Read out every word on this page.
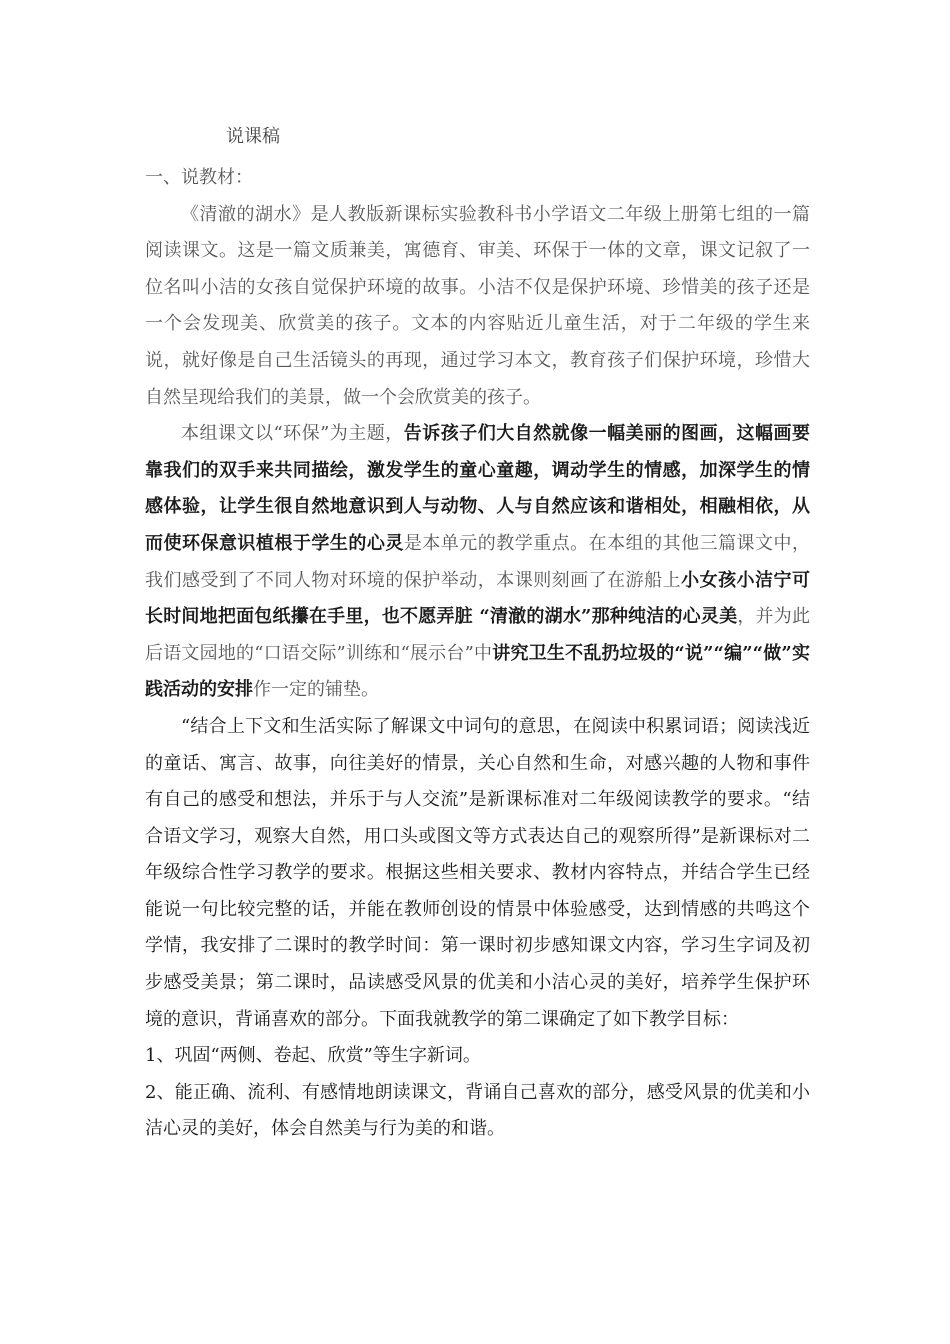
说课稿

一、说教材：

《清澈的湖水》是人教版新课标实验教科书小学语文二年级上册第七组的一篇阅读课文。这是一篇文质兼美，寓德育、审美、环保于一体的文章，课文记叙了一位名叫小洁的女孩自觉保护环境的故事。小洁不仅是保护环境、珍惜美的孩子还是一个会发现美、欣赏美的孩子。文本的内容贴近儿童生活，对于二年级的学生来说，就好像是自己生活镜头的再现，通过学习本文，教育孩子们保护环境，珍惜大自然呈现给我们的美景，做一个会欣赏美的孩子。

本组课文以“环保”为主题，告诉孩子们大自然就像一幅美丽的图画，这幅画要靠我们的双手来共同描绘，激发学生的童心童趣，调动学生的情感，加深学生的情感体验，让学生很自然地意识到人与动物、人与自然应该和谐相处，相融相依，从而使环保意识植根于学生的心灵是本单元的教学重点。在本组的其他三篇课文中，我们感受到了不同人物对环境的保护举动，本课则刻画了在游船上小女孩小洁宁可长时间地把面包纸攥在手里，也不愿弄脏 “清澈的湖水”那种纯洁的心灵美，并为此后语文园地的“口语交际”训练和“展示台”中讲究卫生不乱扔垃圾的“说”“编”“做”实践活动的安排作一定的铺垫。

“结合上下文和生活实际了解课文中词句的意思，在阅读中积累词语；阅读浅近的童话、寓言、故事，向往美好的情景，关心自然和生命，对感兴趣的人物和事件有自己的感受和想法，并乐于与人交流”是新课标准对二年级阅读教学的要求。“结合语文学习，观察大自然，用口头或图文等方式表达自己的观察所得”是新课标对二年级综合性学习教学的要求。根据这些相关要求、教材内容特点，并结合学生已经能说一句比较完整的话，并能在教师创设的情景中体验感受，达到情感的共鸣这个学情，我安排了二课时的教学时间：第一课时初步感知课文内容，学习生字词及初步感受美景；第二课时，品读感受风景的优美和小洁心灵的美好，培养学生保护环境的意识，背诵喜欢的部分。下面我就教学的第二课确定了如下教学目标：

1、巩固“两侧、卷起、欣赏”等生字新词。

2、能正确、流利、有感情地朗读课文，背诵自己喜欢的部分，感受风景的优美和小洁心灵的美好，体会自然美与行为美的和谐。
